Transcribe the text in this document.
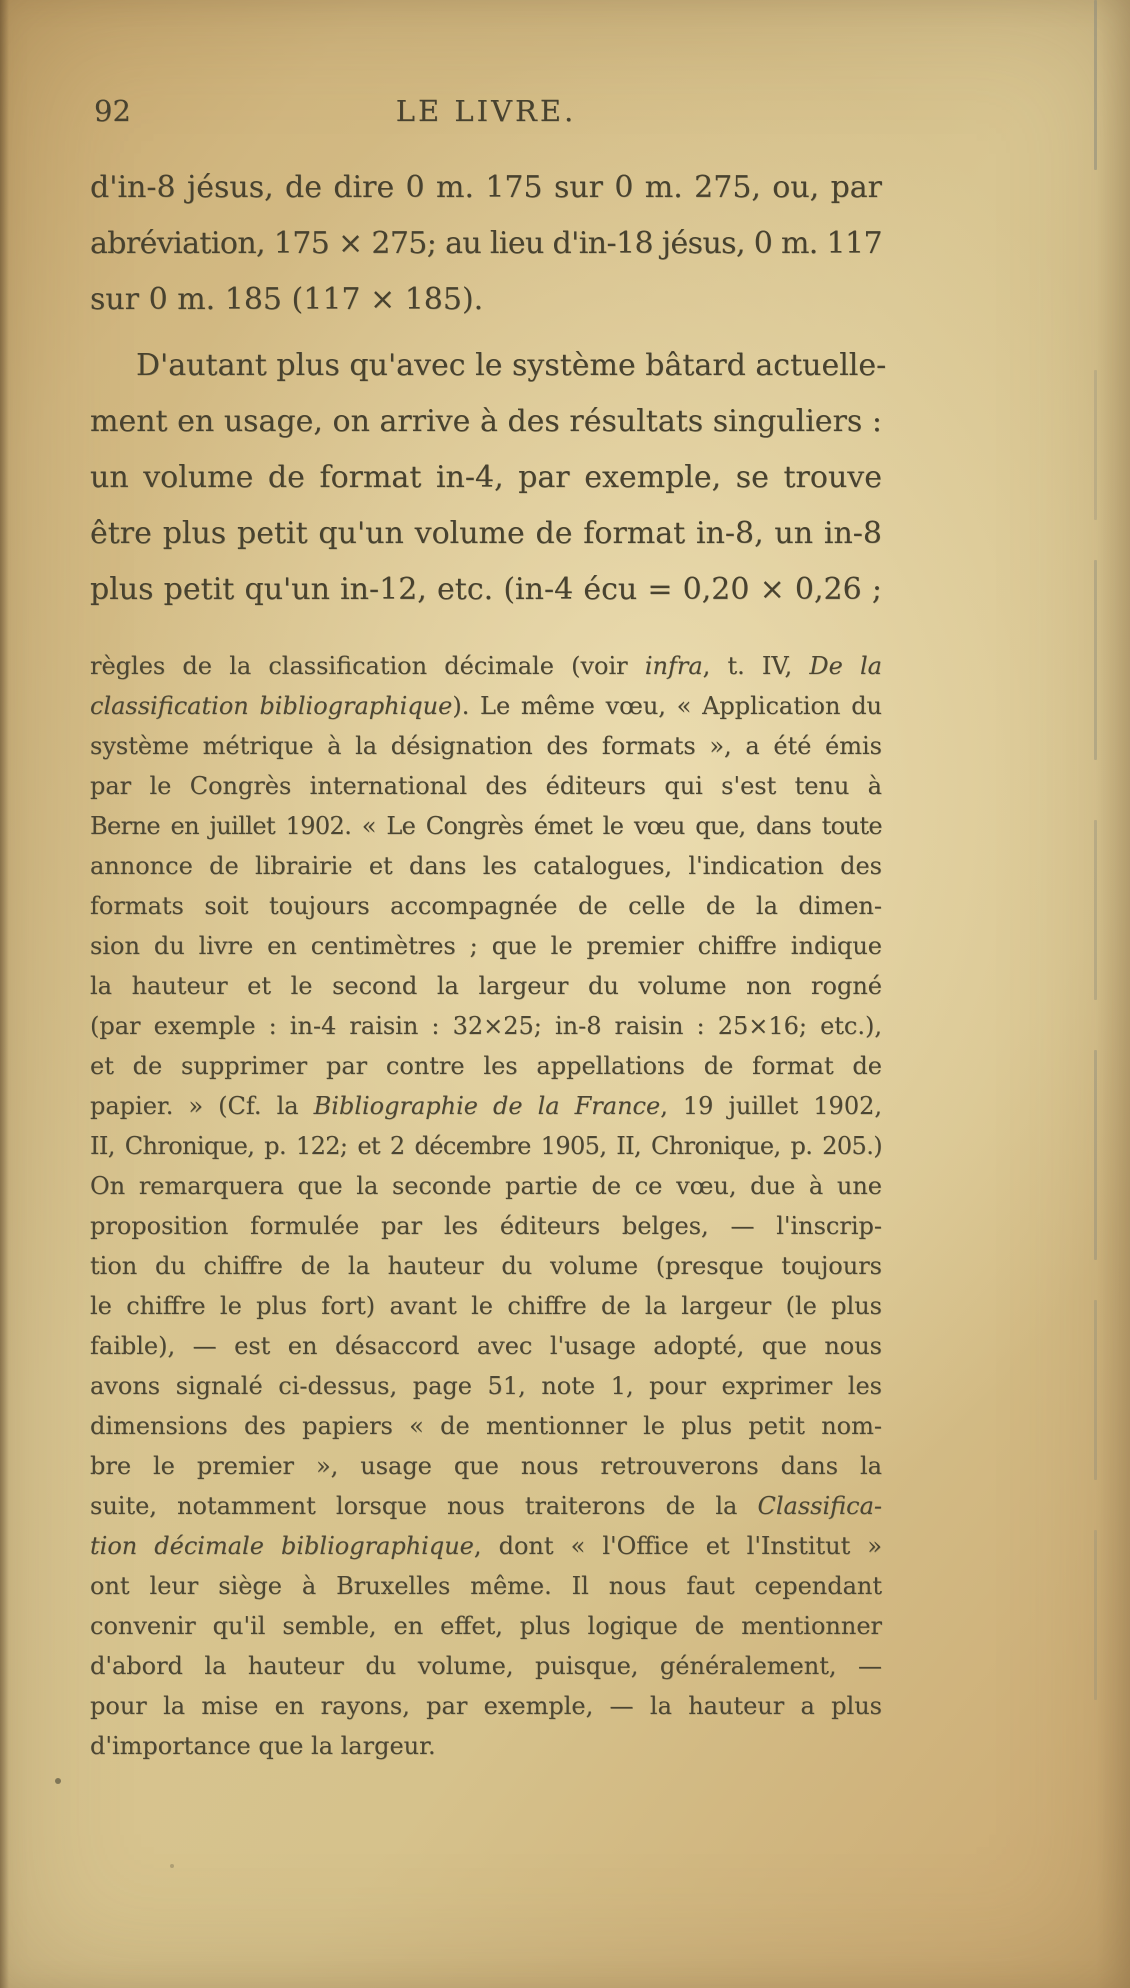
92	LE LIVRE.
d'in-8 jésus, de dire 0 m. 175 sur 0 m. 275, ou, par
abréviation, 175 × 275; au lieu d'in-18 jésus, 0 m. 117
sur 0 m. 185 (117 × 185).
D'autant plus qu'avec le système bâtard actuelle-
ment en usage, on arrive à des résultats singuliers :
un volume de format in-4, par exemple, se trouve
être plus petit qu'un volume de format in-8, un in-8
plus petit qu'un in-12, etc. (in-4 écu = 0,20 × 0,26 ;
règles de la classification décimale (voir infra, t. IV, De la
classification bibliographique). Le même vœu, « Application du
système métrique à la désignation des formats », a été émis
par le Congrès international des éditeurs qui s'est tenu à
Berne en juillet 1902. « Le Congrès émet le vœu que, dans toute
annonce de librairie et dans les catalogues, l'indication des
formats soit toujours accompagnée de celle de la dimen-
sion du livre en centimètres ; que le premier chiffre indique
la hauteur et le second la largeur du volume non rogné
(par exemple : in-4 raisin : 32×25; in-8 raisin : 25×16; etc.),
et de supprimer par contre les appellations de format de
papier. » (Cf. la Bibliographie de la France, 19 juillet 1902,
II, Chronique, p. 122; et 2 décembre 1905, II, Chronique, p. 205.)
On remarquera que la seconde partie de ce vœu, due à une
proposition formulée par les éditeurs belges, — l'inscrip-
tion du chiffre de la hauteur du volume (presque toujours
le chiffre le plus fort) avant le chiffre de la largeur (le plus
faible), — est en désaccord avec l'usage adopté, que nous
avons signalé ci-dessus, page 51, note 1, pour exprimer les
dimensions des papiers « de mentionner le plus petit nom-
bre le premier », usage que nous retrouverons dans la
suite, notamment lorsque nous traiterons de la Classifica-
tion décimale bibliographique, dont « l'Office et l'Institut »
ont leur siège à Bruxelles même. Il nous faut cependant
convenir qu'il semble, en effet, plus logique de mentionner
d'abord la hauteur du volume, puisque, généralement, —
pour la mise en rayons, par exemple, — la hauteur a plus
d'importance que la largeur.
